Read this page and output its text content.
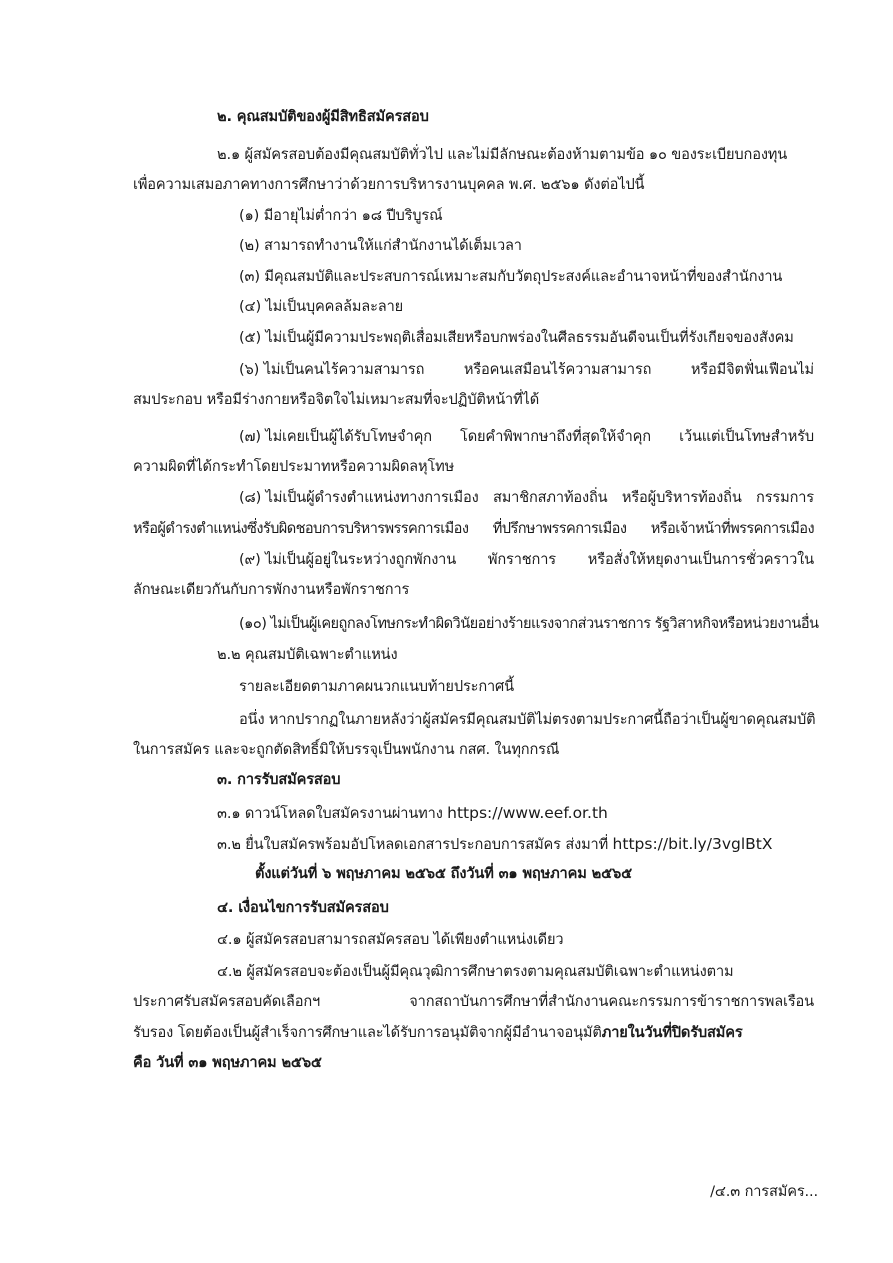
๒. คุณสมบัติของผู้มีสิทธิสมัครสอบ
๒.๑ ผู้สมัครสอบต้องมีคุณสมบัติทั่วไป และไม่มีลักษณะต้องห้ามตามข้อ ๑๐ ของระเบียบกองทุน
เพื่อความเสมอภาคทางการศึกษาว่าด้วยการบริหารงานบุคคล พ.ศ. ๒๕๖๑ ดังต่อไปนี้
(๑) มีอายุไม่ต่ำกว่า ๑๘ ปีบริบูรณ์
(๒) สามารถทำงานให้แก่สำนักงานได้เต็มเวลา
(๓) มีคุณสมบัติและประสบการณ์เหมาะสมกับวัตถุประสงค์และอำนาจหน้าที่ของสำนักงาน
(๔) ไม่เป็นบุคคลล้มละลาย
(๕) ไม่เป็นผู้มีความประพฤติเสื่อมเสียหรือบกพร่องในศีลธรรมอันดีจนเป็นที่รังเกียจของสังคม
(๖) ไม่เป็นคนไร้ความสามารถ	หรือคนเสมือนไร้ความสามารถ	หรือมีจิตฟั่นเฟือนไม่
สมประกอบ หรือมีร่างกายหรือจิตใจไม่เหมาะสมที่จะปฏิบัติหน้าที่ได้
(๗) ไม่เคยเป็นผู้ได้รับโทษจำคุก โดยคำพิพากษาถึงที่สุดให้จำคุก เว้นแต่เป็นโทษสำหรับ
ความผิดที่ได้กระทำโดยประมาทหรือความผิดลหุโทษ
(๘) ไม่เป็นผู้ดำรงตำแหน่งทางการเมือง สมาชิกสภาท้องถิ่น หรือผู้บริหารท้องถิ่น กรรมการ
หรือผู้ดำรงตำแหน่งซึ่งรับผิดชอบการบริหารพรรคการเมือง ที่ปรึกษาพรรคการเมือง หรือเจ้าหน้าที่พรรคการเมือง
(๙) ไม่เป็นผู้อยู่ในระหว่างถูกพักงาน พักราชการ หรือสั่งให้หยุดงานเป็นการชั่วคราวใน
ลักษณะเดียวกันกับการพักงานหรือพักราชการ
(๑๐) ไม่เป็นผู้เคยถูกลงโทษกระทำผิดวินัยอย่างร้ายแรงจากส่วนราชการ รัฐวิสาหกิจหรือหน่วยงานอื่น
๒.๒ คุณสมบัติเฉพาะตำแหน่ง
รายละเอียดตามภาคผนวกแนบท้ายประกาศนี้
อนึ่ง หากปรากฏในภายหลังว่าผู้สมัครมีคุณสมบัติไม่ตรงตามประกาศนี้ ถือว่าเป็นผู้ขาดคุณสมบัติ
ในการสมัคร และจะถูกตัดสิทธิ์มิให้บรรจุเป็นพนักงาน กสศ. ในทุกกรณี
๓. การรับสมัครสอบ
๓.๑ ดาวน์โหลดใบสมัครงานผ่านทาง https://www.eef.or.th
๓.๒ ยื่นใบสมัครพร้อมอัปโหลดเอกสารประกอบการสมัคร ส่งมาที่ https://bit.ly/3vglBtX
ตั้งแต่วันที่ ๖ พฤษภาคม ๒๕๖๕ ถึงวันที่ ๓๑ พฤษภาคม ๒๕๖๕
๔. เงื่อนไขการรับสมัครสอบ
๔.๑ ผู้สมัครสอบสามารถสมัครสอบ ได้เพียงตำแหน่งเดียว
๔.๒ ผู้สมัครสอบจะต้องเป็นผู้มีคุณวุฒิการศึกษาตรงตามคุณสมบัติเฉพาะตำแหน่งตาม
ประกาศรับสมัครสอบคัดเลือกฯ	จากสถาบันการศึกษาที่สำนักงานคณะกรรมการข้าราชการพลเรือน
รับรอง โดยต้องเป็นผู้สำเร็จการศึกษาและได้รับการอนุมัติจากผู้มีอำนาจอนุมัติภายในวันที่ปิดรับสมัคร
คือ วันที่ ๓๑ พฤษภาคม ๒๕๖๕
/๔.๓ การสมัคร...
